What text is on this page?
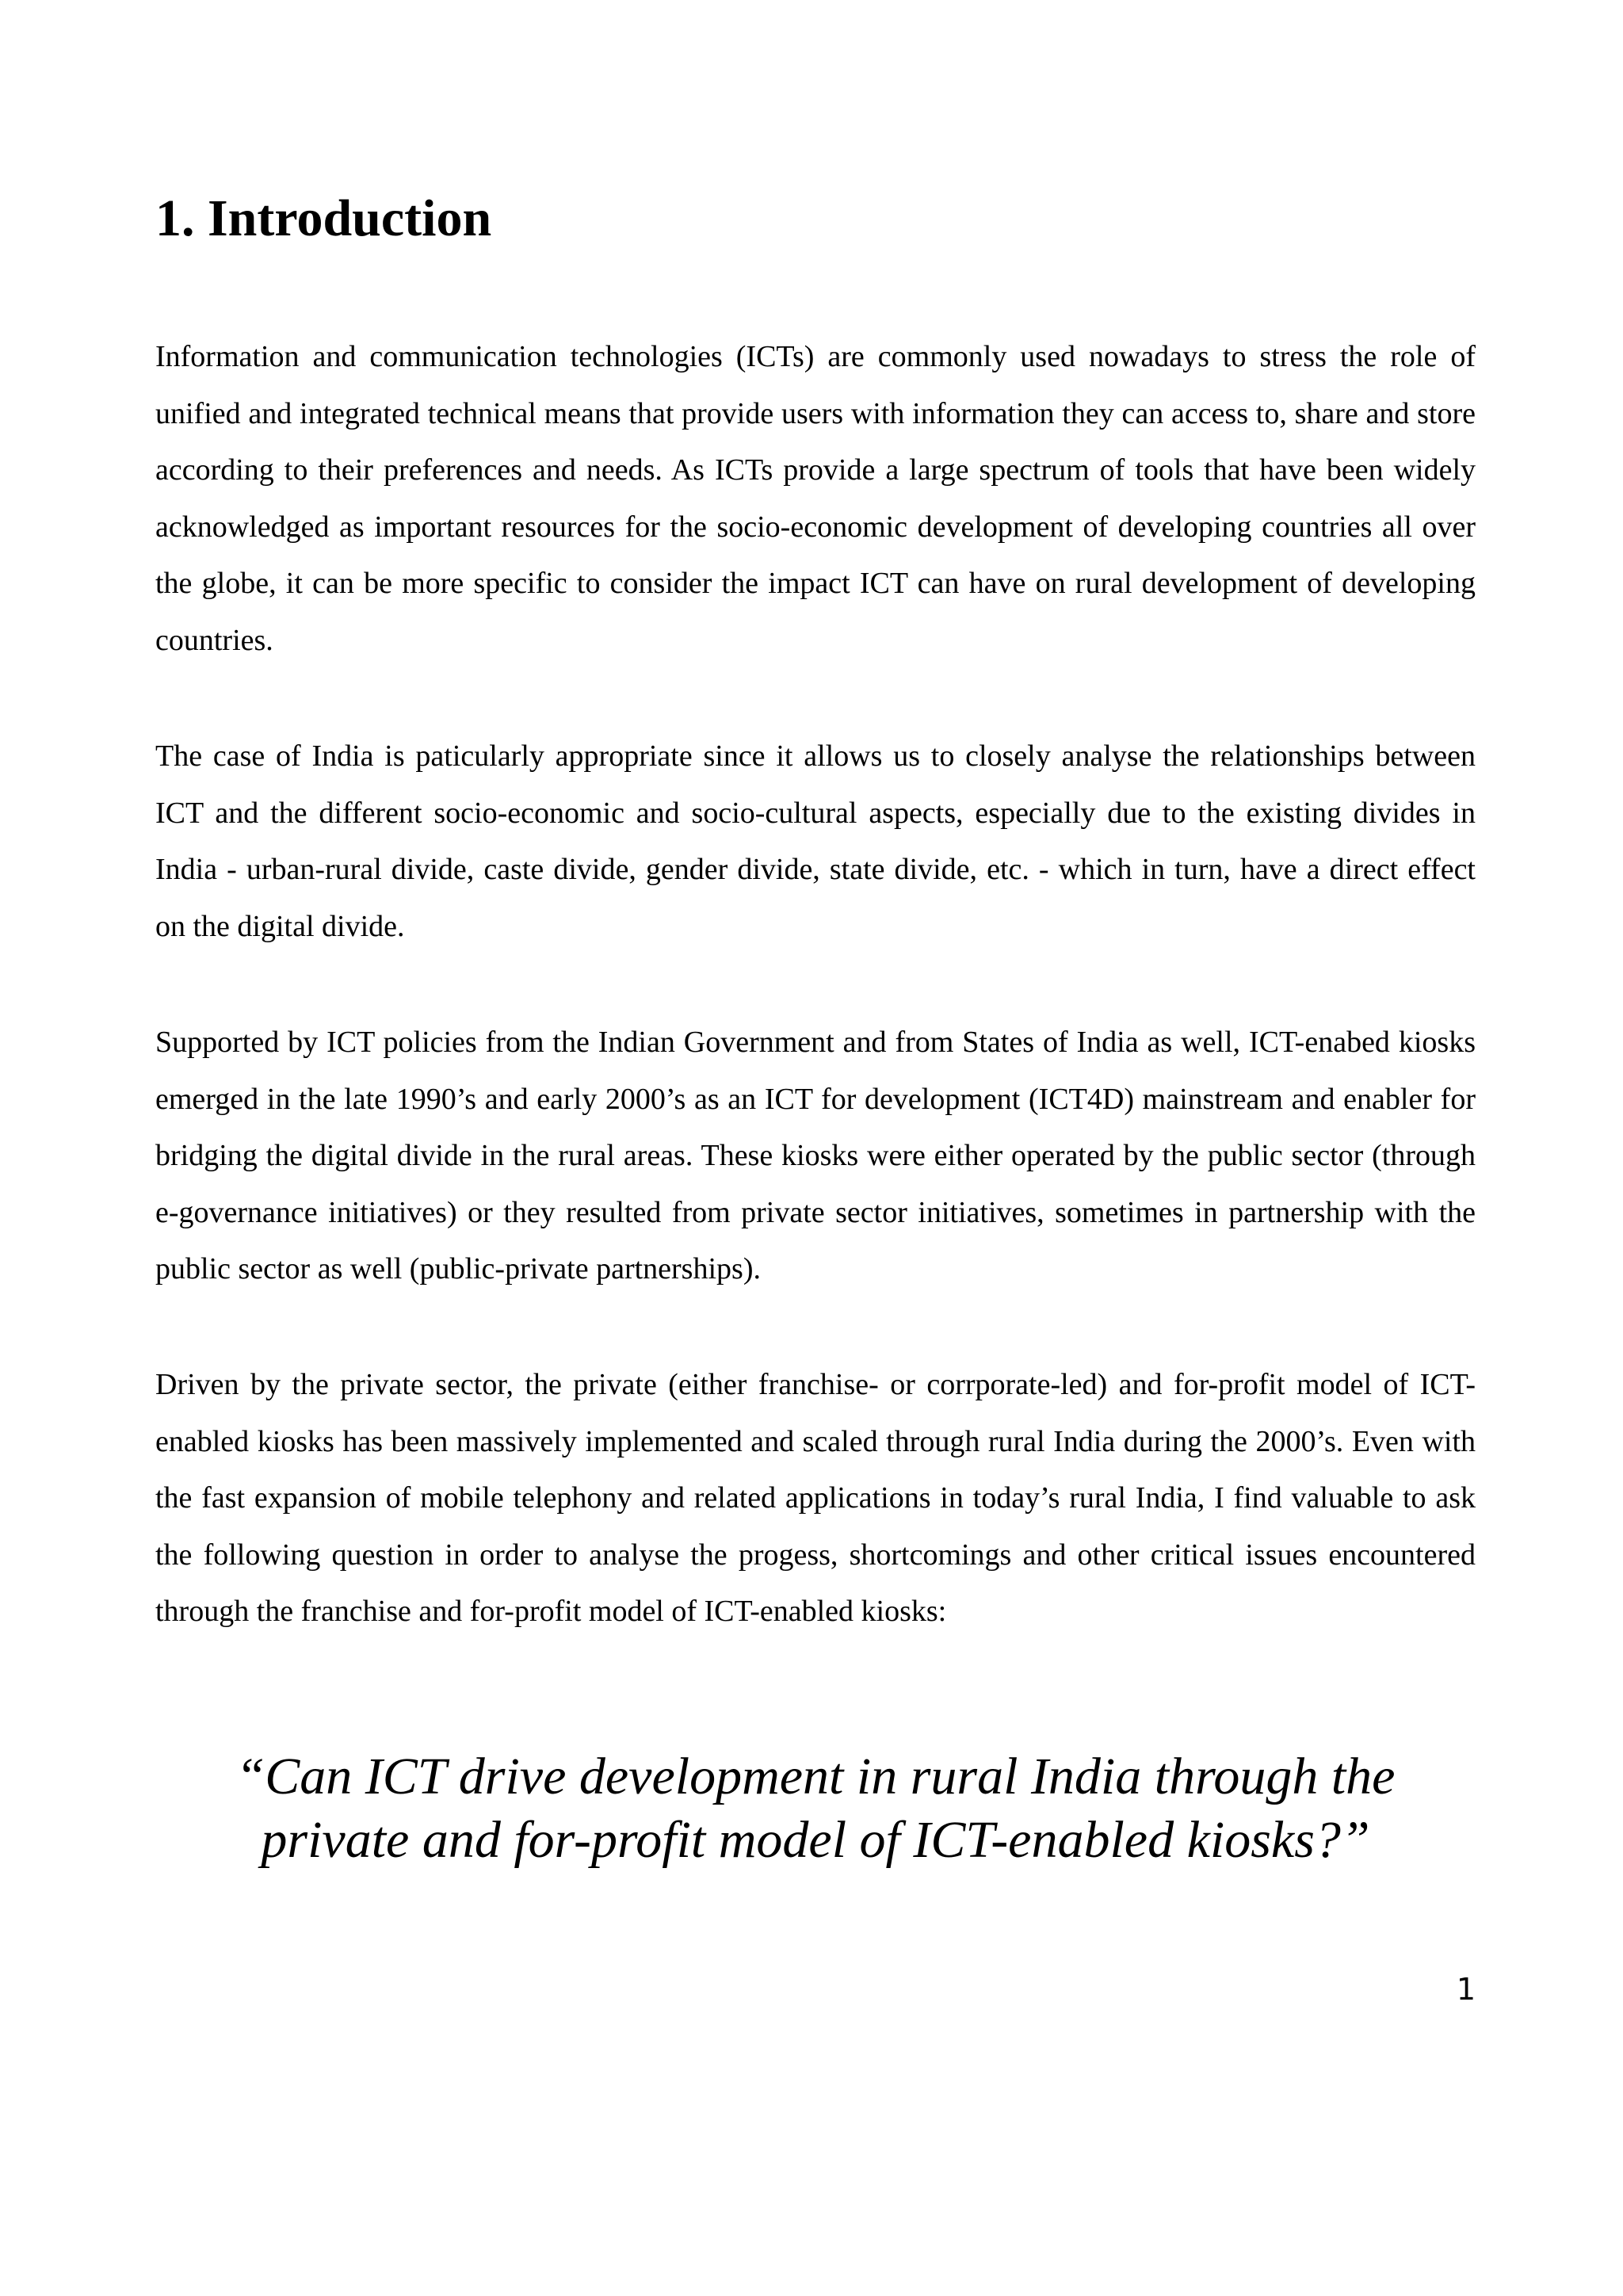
1. Introduction

Information and communication technologies (ICTs) are commonly used nowadays to stress the role of unified and integrated technical means that provide users with information they can access to, share and store according to their preferences and needs. As ICTs provide a large spectrum of tools that have been widely acknowledged as important resources for the socio-economic development of developing countries all over the globe, it can be more specific to consider the impact ICT can have on rural development of developing countries.

The case of India is paticularly appropriate since it allows us to closely analyse the relationships between ICT and the different socio-economic and socio-cultural aspects, especially due to the existing divides in India - urban-rural divide, caste divide, gender divide, state divide, etc. - which in turn, have a direct effect on the digital divide.

Supported by ICT policies from the Indian Government and from States of India as well, ICT-enabed kiosks emerged in the late 1990’s and early 2000’s as an ICT for development (ICT4D) mainstream and enabler for bridging the digital divide in the rural areas. These kiosks were either operated by the public sector (through e-governance initiatives) or they resulted from private sector initiatives, sometimes in partnership with the public sector as well (public-private partnerships).

Driven by the private sector, the private (either franchise- or corrporate-led) and for-profit model of ICT-enabled kiosks has been massively implemented and scaled through rural India during the 2000’s. Even with the fast expansion of mobile telephony and related applications in today’s rural India, I find valuable to ask the following question in order to analyse the progess, shortcomings and other critical issues encountered through the franchise and for-profit model of ICT-enabled kiosks:

“Can ICT drive development in rural India through the
private and for-profit model of ICT-enabled kiosks?”

1
